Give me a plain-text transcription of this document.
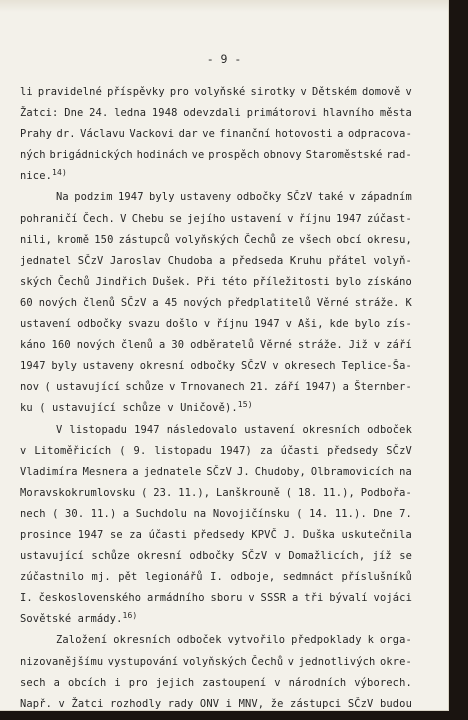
- 9 -
li pravidelné příspěvky pro volyňské sirotky v Dětském domově v
Žatci: Dne 24. ledna 1948 odevzdali primátorovi hlavního města
Prahy dr. Václavu Vackovi dar ve finanční hotovosti a odpracova-
ných brigádnických hodinách ve prospěch obnovy Staroměstské rad-
nice.$^{14)}$
Na podzim 1947 byly ustaveny odbočky SČzV také v západním
pohraničí Čech. V Chebu se jejího ustavení v říjnu 1947 zúčast-
nili, kromě 150 zástupců volyňských Čechů ze všech obcí okresu,
jednatel SČzV Jaroslav Chudoba a předseda Kruhu přátel volyň-
ských Čechů Jindřich Dušek. Při této příležitosti bylo získáno
60 nových členů SČzV a 45 nových předplatitelů Věrné stráže. K
ustavení odbočky svazu došlo v říjnu 1947 v Aši, kde bylo zís-
káno 160 nových členů a 30 odběratelů Věrné stráže. Již v září
1947 byly ustaveny okresní odbočky SČzV v okresech Teplice-Ša-
nov ( ustavující schůze v Trnovanech 21. září 1947) a Šternber-
ku ( ustavující schůze v Uničově).$^{15)}$
V listopadu 1947 následovalo ustavení okresních odboček
v Litoměřicích ( 9. listopadu 1947) za účasti předsedy SČzV
Vladimíra Mesnera a jednatele SČzV J. Chudoby, Olbramovicích na
Moravskokrumlovsku ( 23. 11.), Lanškrouně ( 18. 11.), Podbořa-
nech ( 30. 11.) a Suchdolu na Novojičínsku ( 14. 11.). Dne 7.
prosince 1947 se za účasti předsedy KPVČ J. Duška uskutečnila
ustavující schůze okresní odbočky SČzV v Domažlicích, jíž se
zúčastnilo mj. pět legionářů I. odboje, sedmnáct příslušníků
I. československého armádního sboru v SSSR a tři bývalí vojáci
Sovětské armády.$^{16)}$
Založení okresních odboček vytvořilo předpoklady k orga-
nizovanějšímu vystupování volyňských Čechů v jednotlivých okre-
sech a obcích i pro jejich zastoupení v národních výborech.
Např. v Žatci rozhodly rady ONV i MNV, že zástupci SČzV budou
